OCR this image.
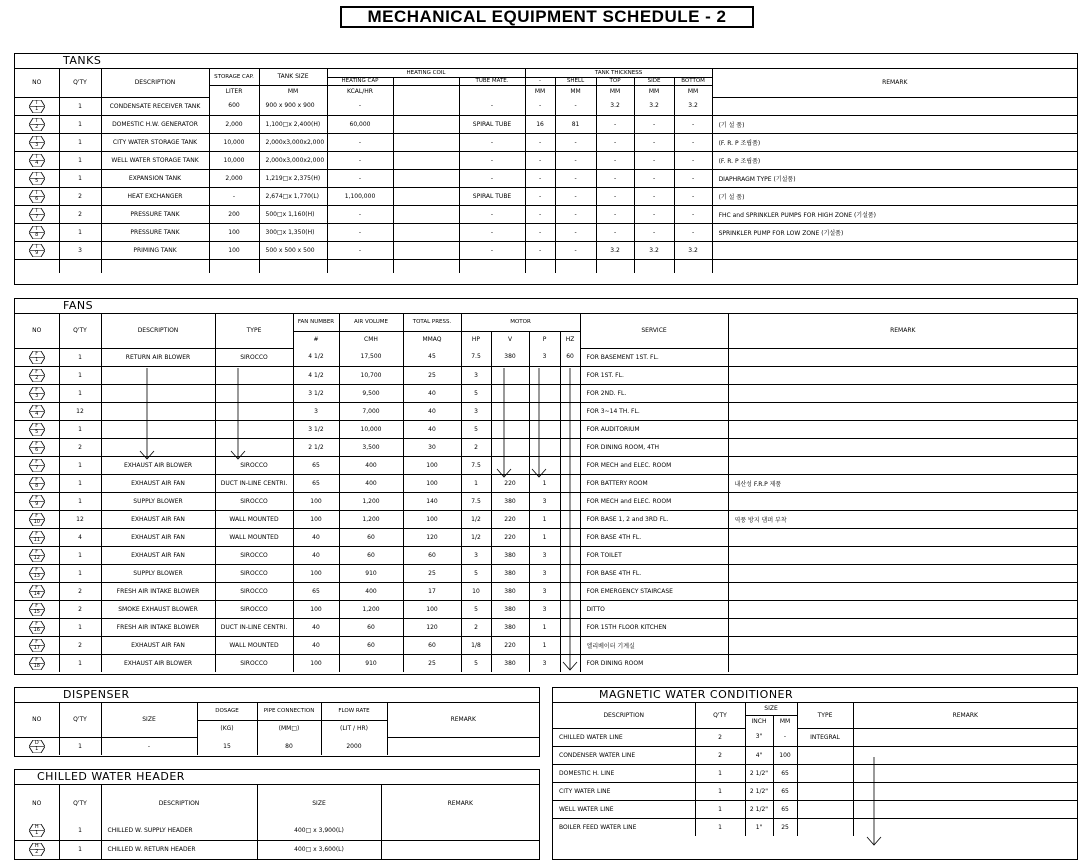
MECHANICAL EQUIPMENT SCHEDULE - 2
TANKS
NO	Q'TY	DESCRIPTION	STORAGE CAP.	TANK SIZE	HEATING COIL			TANK THICKNESS					REMARK
					HEATING CAP		TUBE MATE.	-	SHELL	TOP	SIDE	BOTTOM	
			LITER	MM	KCAL/HR			MM	MM	MM	MM	MM	

T
1	1	CONDENSATE RECEIVER TANK	600	900 x 900 x 900	-		-	-	-	3.2	3.2	3.2	

T
2	1	DOMESTIC H.W. GENERATOR	2,000	1,100□x 2,400(H)	60,000		SPIRAL TUBE	16	81	-	-	-	(기 설 품)

T
3	1	CITY WATER STORAGE TANK	10,000	2,000x3,000x2,000	-		-	-	-	-	-	-	(F. R. P 조립품)

T
4	1	WELL WATER STORAGE TANK	10,000	2,000x3,000x2,000	-		-	-	-	-	-	-	(F. R. P 조립품)

T
5	1	EXPANSION TANK	2,000	1,219□x 2,375(H)	-		-	-	-	-	-	-	DIAPHRAGM TYPE (기설품)

T
6	2	HEAT EXCHANGER	-	2,674□x 1,770(L)	1,100,000		SPIRAL TUBE	-	-	-	-	-	(기 설 품)

T
7	2	PRESSURE TANK	200	500□x 1,160(H)	-		-	-	-	-	-	-	FHC and SPRINKLER PUMPS FOR HIGH ZONE (기설품)

T
8	1	PRESSURE TANK	100	300□x 1,350(H)	-		-	-	-	-	-	-	SPRINKLER PUMP FOR LOW ZONE (기설품)

T
9	3	PRIMING TANK	100	500 x 500 x 500	-		-	-	-	3.2	3.2	3.2	

FANS
NO	Q'TY	DESCRIPTION	TYPE	FAN NUMBER	AIR VOLUME	TOTAL PRESS.	MOTOR				SERVICE	REMARK
				#	CMH	MMAQ	HP	V	P	HZ		

F
1	1	RETURN AIR BLOWER	SIROCCO	4 1/2	17,500	45	7.5	380	3	60	FOR BASEMENT 1ST. FL.	

F
2	1			4 1/2	10,700	25	3				FOR 1ST. FL.	

F
3	1			3 1/2	9,500	40	5				FOR 2ND. FL.	

F
4	12			3	7,000	40	3				FOR 3~14 TH. FL.	

F
5	1			3 1/2	10,000	40	5				FOR AUDITORIUM	

F
6	2			2 1/2	3,500	30	2				FOR DINING ROOM, 4TH	

F
7	1	EXHAUST AIR BLOWER	SIROCCO	65	400	100	7.5				FOR MECH and ELEC. ROOM	

F
8	1	EXHAUST AIR FAN	DUCT IN-LINE CENTRI.	65	400	100	1	220	1		FOR BATTERY ROOM	내산성 F.R.P 제품

F
9	1	SUPPLY BLOWER	SIROCCO	100	1,200	140	7.5	380	3		FOR MECH and ELEC. ROOM	

F
10	12	EXHAUST AIR FAN	WALL MOUNTED	100	1,200	100	1/2	220	1		FOR BASE 1, 2 and 3RD FL.	역풍 방지 댐퍼 부착

F
11	4	EXHAUST AIR FAN	WALL MOUNTED	40	60	120	1/2	220	1		FOR BASE 4TH FL.	

F
12	1	EXHAUST AIR FAN	SIROCCO	40	60	60	3	380	3		FOR TOILET	

F
13	1	SUPPLY BLOWER	SIROCCO	100	910	25	5	380	3		FOR BASE 4TH FL.	

F
14	2	FRESH AIR INTAKE BLOWER	SIROCCO	65	400	17	10	380	3		FOR EMERGENCY STAIRCASE	

F
15	2	SMOKE EXHAUST BLOWER	SIROCCO	100	1,200	100	5	380	3		DITTO	

F
16	1	FRESH AIR INTAKE BLOWER	DUCT IN-LINE CENTRI.	40	60	120	2	380	1		FOR 15TH FLOOR KITCHEN	

F
17	2	EXHAUST AIR FAN	WALL MOUNTED	40	60	60	1/8	220	1		엘리베이터 기계실	

F
18	1	EXHAUST AIR BLOWER	SIROCCO	100	910	25	5	380	3		FOR DINING ROOM	
DISPENSER
NO	Q'TY	SIZE	DOSAGE	PIPE CONNECTION	FLOW RATE	REMARK
			(KG)	(MM□)	(LIT / HR)	

D
1	1	-	15	80	2000	
CHILLED WATER HEADER
NO	Q'TY	DESCRIPTION	SIZE	REMARK

H
1	1	CHILLED W. SUPPLY HEADER	400□ x 3,900(L)	

H
2	1	CHILLED W. RETURN HEADER	400□ x 3,600(L)	
MAGNETIC WATER CONDITIONER
DESCRIPTION	Q'TY	SIZE		TYPE	REMARK
		INCH	MM		
CHILLED WATER LINE	2	3"	-	INTEGRAL	
CONDENSER WATER LINE	2	4"	100		
DOMESTIC H. LINE	1	2 1/2"	65		
CITY WATER LINE	1	2 1/2"	65		
WELL WATER LINE	1	2 1/2"	65		
BOILER FEED WATER LINE	1	1"	25		
